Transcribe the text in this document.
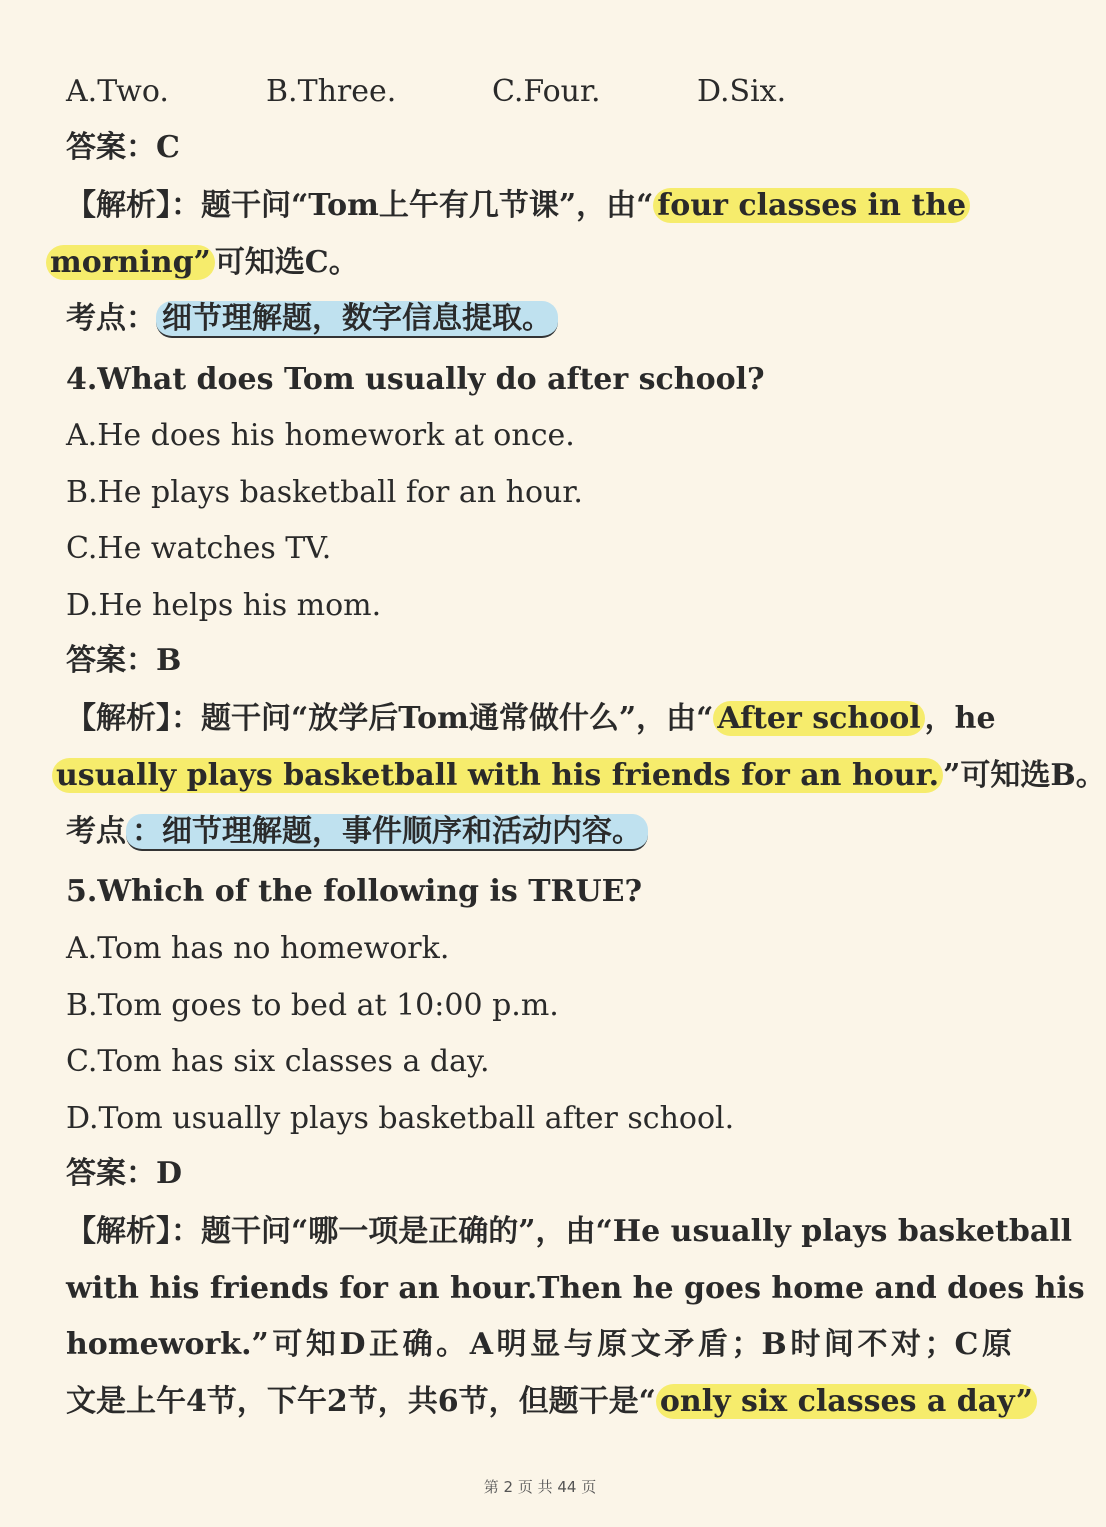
A.Two.	B.Three.	C.Four.	D.Six.
答案：C
【解析】：题干问“Tom上午有几节课”，由“ four classes in the
morning” 可知选C。
考点： 细节理解题，数字信息提取。
4.What does Tom usually do after school?
A.He does his homework at once.
B.He plays basketball for an hour.
C.He watches TV.
D.He helps his mom.
答案：B
【解析】：题干问“放学后Tom通常做什么”，由“ After school ，he
usually plays basketball with his friends for an hour. ”可知选B。
考点 ：细节理解题，事件顺序和活动内容。
5.Which of the following is TRUE?
A.Tom has no homework.
B.Tom goes to bed at 10:00 p.m.
C.Tom has six classes a day.
D.Tom usually plays basketball after school.
答案：D
【解析】：题干问“哪一项是正确的”，由“He usually plays basketball
with his friends for an hour.Then he goes home and does his
homework.”可知D正确。A明显与原文矛盾；B时间不对；C原
文是上午4节，下午2节，共6节，但题干是“ only six classes a day”
第 2 页 共 44 页
